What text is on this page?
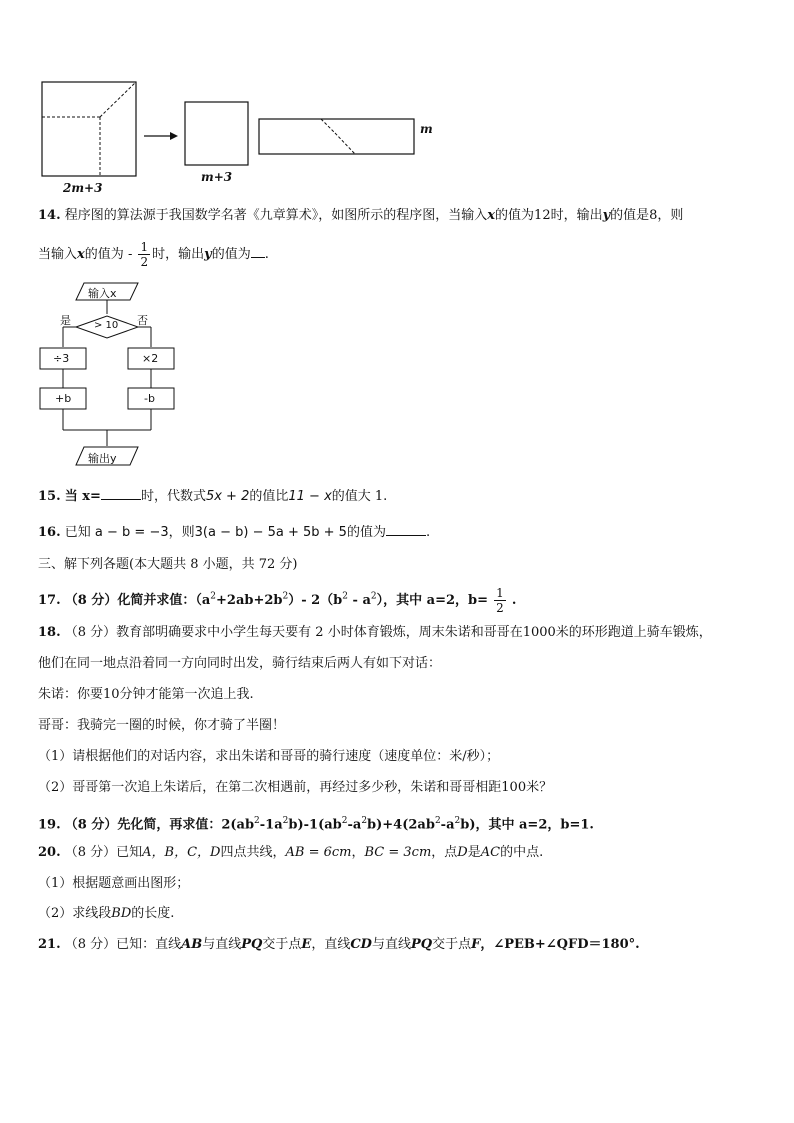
2m+3
m+3
m
14. 程序图的算法源于我国数学名著《九章算术》，如图所示的程序图，当输入x的值为12时，输出y的值是8，则
当输入x的值为 - $\frac{1}{2}$ 时，输出y的值为 .
输入x
> 10
是	否
÷3	×2
+b	-b
输出y
15. 当 x=	时，代数式5x + 2的值比11 − x的值大 1.
16. 已知 a − b = −3，则3(a − b) − 5a + 5b + 5的值为	.
三、解下列各题(本大题共 8 小题，共 72 分)
17. （8 分）化简并求值：$(a^2+2ab+2b^2)-$ $2(b^2 - a^2)$，其中 a=2，$b= \frac{1}{2}$ .
18. （8 分）教育部明确要求中小学生每天要有 2 小时体育锻炼，周末朱诺和哥哥在1000米的环形跑道上骑车锻炼，
他们在同一地点沿着同一方向同时出发，骑行结束后两人有如下对话：
朱诺：你要10分钟才能第一次追上我.
哥哥：我骑完一圈的时候，你才骑了半圈！
（1）请根据他们的对话内容，求出朱诺和哥哥的骑行速度（速度单位：米/秒）；
（2）哥哥第一次追上朱诺后，在第二次相遇前，再经过多少秒，朱诺和哥哥相距100米？
19. （8 分）先化简，再求值：$2(ab^2-1a^2b)-1(ab^2-a^2b)+4(2ab^2-a^2b)$，其中 a=2，b=1.
20. （8 分）已知A，B，C，D四点共线，AB = 6cm，BC = 3cm，点D是AC的中点.
（1）根据题意画出图形；
（2）求线段BD的长度.
21. （8 分）已知：直线AB与直线PQ交于点E，直线CD与直线PQ交于点F，∠PEB+∠QFD＝180°.
